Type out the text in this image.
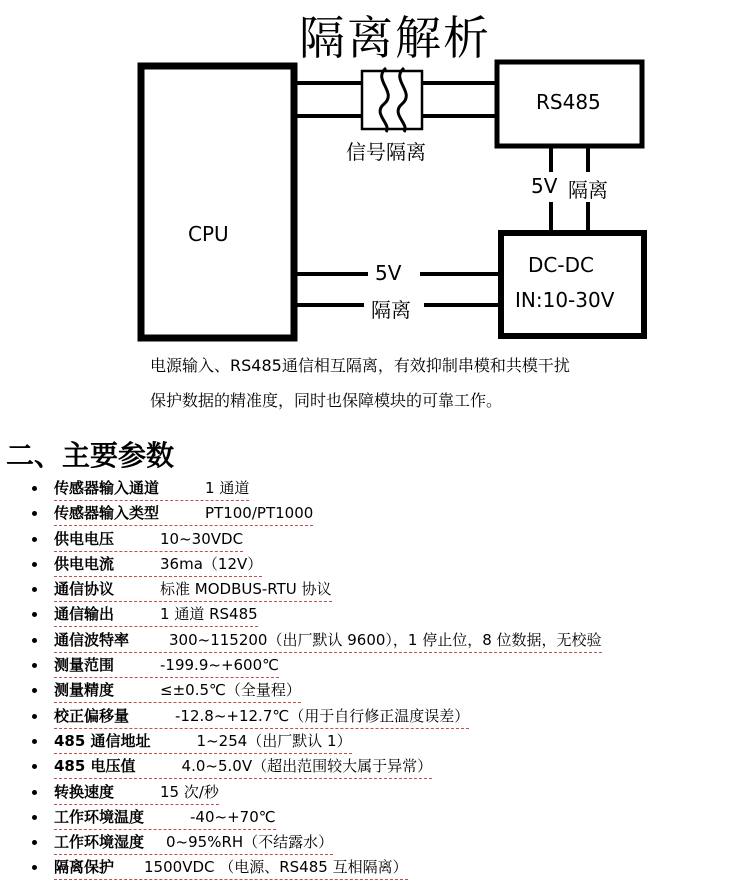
隔离解析
CPU
RS485
信号隔离
5V 隔离
DC-DC
IN:10-30V
5V
隔离
电源输入、RS485通信相互隔离，有效抑制串模和共模干扰
保护数据的精准度，同时也保障模块的可靠工作。
二、主要参数
传感器输入通道	1 通道
传感器输入类型	PT100/PT1000
供电电压	10~30VDC
供电电流	36ma（12V）
通信协议	标准 MODBUS-RTU 协议
通信输出	1 通道 RS485
通信波特率	300~115200（出厂默认 9600），1 停止位，8 位数据，无校验
测量范围	-199.9~+600℃
测量精度	≤±0.5℃（全量程）
校正偏移量	-12.8~+12.7℃（用于自行修正温度误差）
485 通信地址	1~254（出厂默认 1）
485 电压值	4.0~5.0V（超出范围较大属于异常）
转换速度	15 次/秒
工作环境温度	-40~+70℃
工作环境湿度 0~95%RH（不结露水）
隔离保护 1500VDC （电源、RS485 互相隔离）
